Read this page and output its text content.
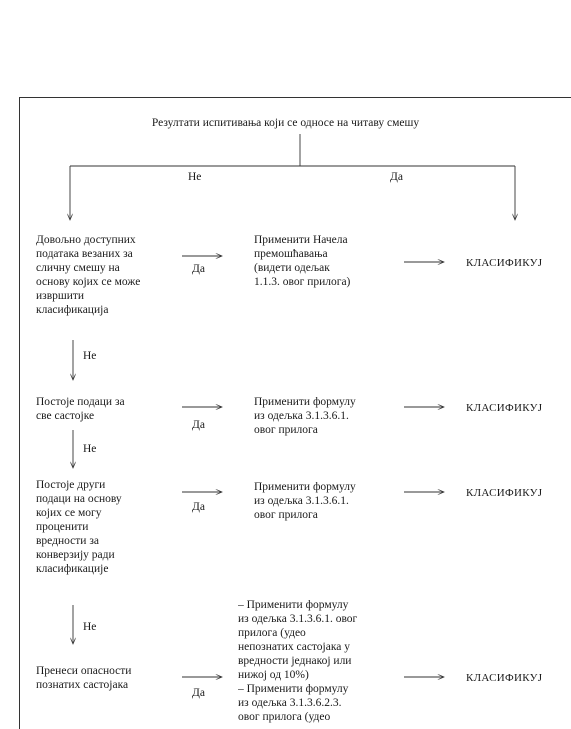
Резултати испитивања који се односе на читаву смешу
Не	Да
Довољно доступних
података везаних за
сличну смешу на
основу којих се може
извршити
класификација
Да
Применити Начела
премошћавања
(видети одељак
1.1.3. овог прилога)
КЛАСИФИКУЈ
Не
Постоје подаци за
све састојке
Да
Применити формулу
из одељка 3.1.3.6.1.
овог прилога
КЛАСИФИКУЈ
Не
Постоје други
подаци на основу
којих се могу
проценити
вредности за
конверзију ради
класификације
Да
Применити формулу
из одељка 3.1.3.6.1.
овог прилога
КЛАСИФИКУЈ
Не
Пренеси опасности
познатих састојака
Да
– Применити формулу
из одељка 3.1.3.6.1. овог
прилога (удео
непознатих састојака у
вредности једнакој или
нижој од 10%)
– Применити формулу
из одељка 3.1.3.6.2.3.
овог прилога (удео
КЛАСИФИКУЈ
